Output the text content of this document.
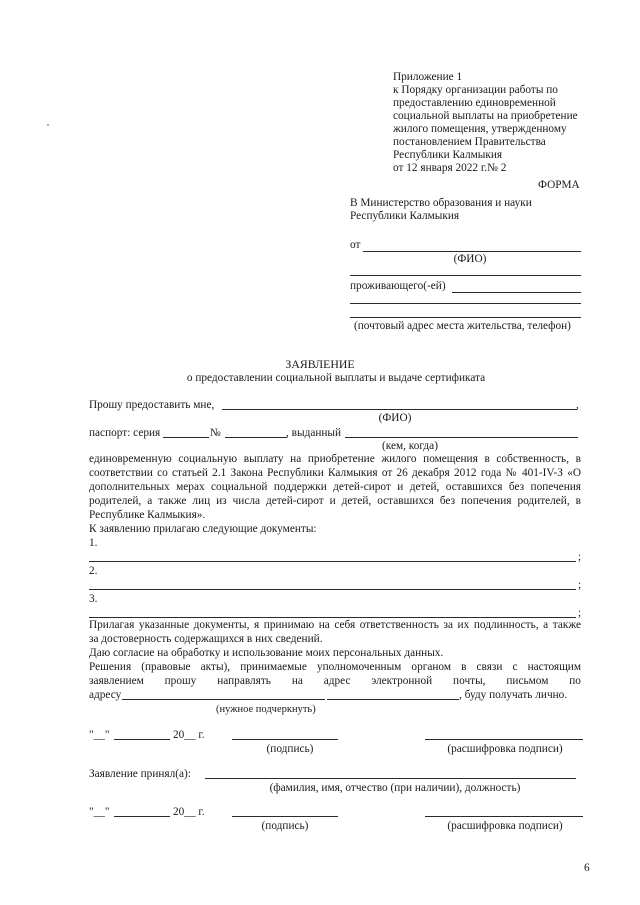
Приложение 1
к Порядку организации работы по
предоставлению единовременной
социальной выплаты на приобретение
жилого помещения, утвержденному
постановлением Правительства
Республики Калмыкия
от 12 января 2022 г.№ 2
ФОРМА
В Министерство образования и науки
Республики Калмыкия
от
(ФИО)
проживающего(-ей)
(почтовый адрес места жительства, телефон)
ЗАЯВЛЕНИЕ
о предоставлении социальной выплаты и выдаче сертификата
Прошу предоставить мне,	,
(ФИО)
паспорт: серия	№	, выданный
(кем, когда)
единовременную социальную выплату на приобретение жилого помещения в собственность, в
соответствии со статьей 2.1 Закона Республики Калмыкия от 26 декабря 2012 года № 401-IV-З «О
дополнительных мерах социальной поддержки детей-сирот и детей, оставшихся без попечения
родителей, а также лиц из числа детей-сирот и детей, оставшихся без попечения родителей, в
Республике Калмыкия».
К заявлению прилагаю следующие документы:
1.
;
2.
;
3.
;
Прилагая указанные документы, я принимаю на себя ответственность за их подлинность, а также
за достоверность содержащихся в них сведений.
Даю согласие на обработку и использование моих персональных данных.
Решения (правовые акты), принимаемые уполномоченным органом в связи с настоящим
заявлением прошу направлять на адрес электронной почты, письмом по
адресу	, буду получать лично.
(нужное подчеркнуть)
"__"	20__ г.
(подпись)	(расшифровка подписи)
Заявление принял(а):
(фамилия, имя, отчество (при наличии), должность)
"__"	20__ г.
(подпись)	(расшифровка подписи)
6
